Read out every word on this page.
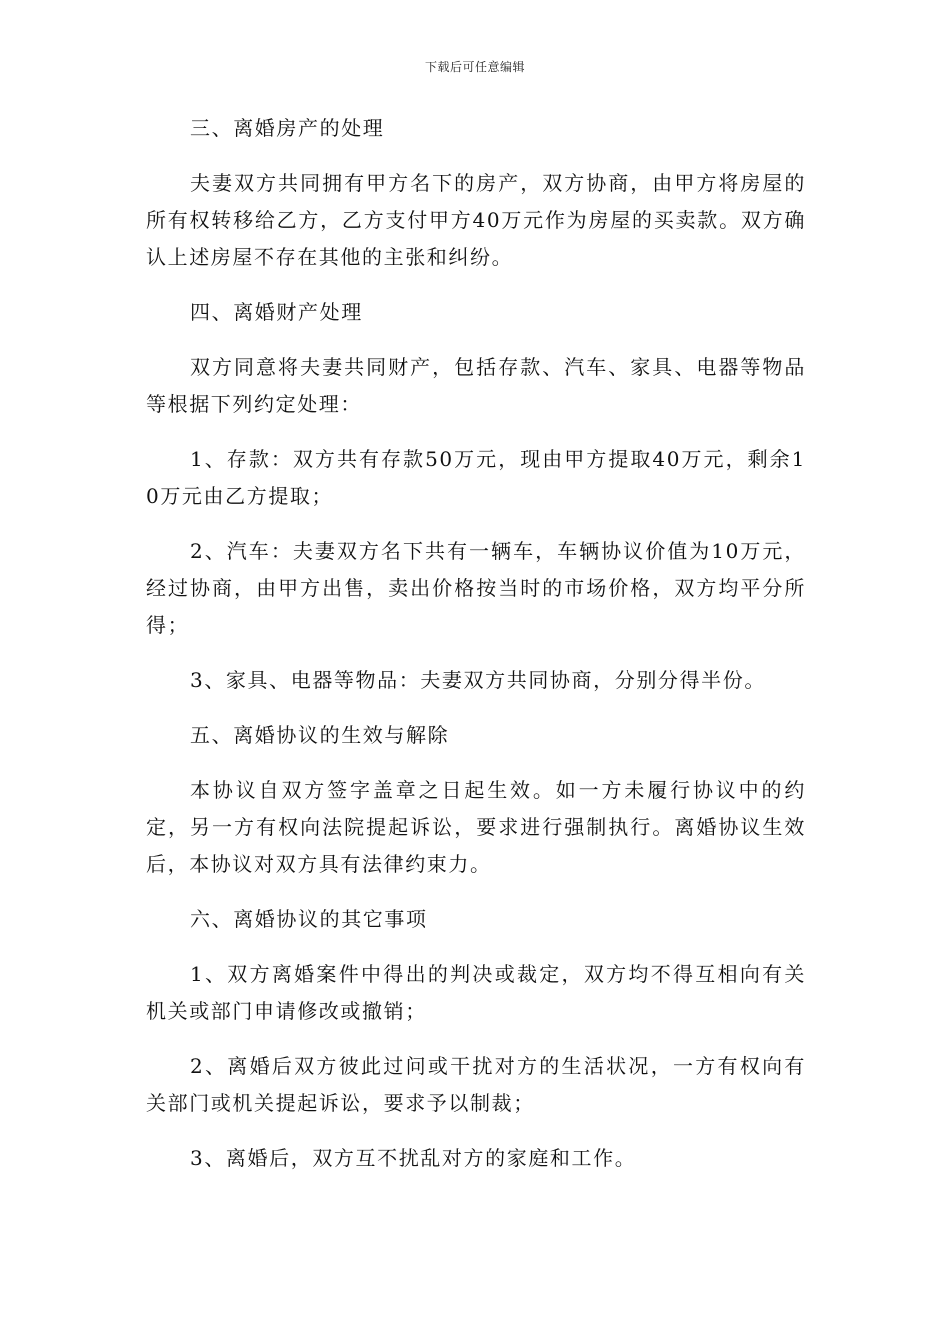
下载后可任意编辑

三、离婚房产的处理

夫妻双方共同拥有甲方名下的房产，双方协商，由甲方将房屋的所有权转移给乙方，乙方支付甲方40万元作为房屋的买卖款。双方确认上述房屋不存在其他的主张和纠纷。

四、离婚财产处理

双方同意将夫妻共同财产，包括存款、汽车、家具、电器等物品等根据下列约定处理：

1、存款：双方共有存款50万元，现由甲方提取40万元，剩余10万元由乙方提取；

2、汽车：夫妻双方名下共有一辆车，车辆协议价值为10万元，经过协商，由甲方出售，卖出价格按当时的市场价格，双方均平分所得；

3、家具、电器等物品：夫妻双方共同协商，分别分得半份。

五、离婚协议的生效与解除

本协议自双方签字盖章之日起生效。如一方未履行协议中的约定，另一方有权向法院提起诉讼，要求进行强制执行。离婚协议生效后，本协议对双方具有法律约束力。

六、离婚协议的其它事项

1、双方离婚案件中得出的判决或裁定，双方均不得互相向有关机关或部门申请修改或撤销；

2、离婚后双方彼此过问或干扰对方的生活状况，一方有权向有关部门或机关提起诉讼，要求予以制裁；

3、离婚后，双方互不扰乱对方的家庭和工作。
